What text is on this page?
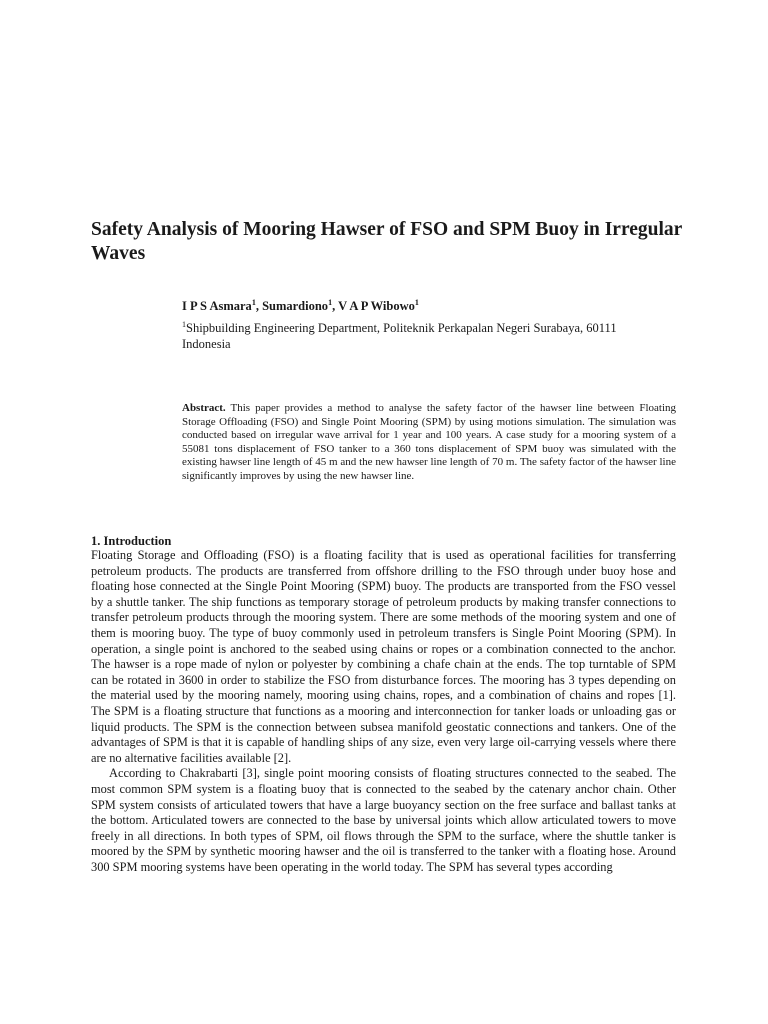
Safety Analysis of Mooring Hawser of FSO and SPM Buoy in Irregular Waves
I P S Asmara$^1$, Sumardiono$^1$, V A P Wibowo$^1$
$^1$Shipbuilding Engineering Department, Politeknik Perkapalan Negeri Surabaya, 60111 Indonesia

Abstract. This paper provides a method to analyse the safety factor of the hawser line between Floating Storage Offloading (FSO) and Single Point Mooring (SPM) by using motions simulation. The simulation was conducted based on irregular wave arrival for 1 year and 100 years. A case study for a mooring system of a 55081 tons displacement of FSO tanker to a 360 tons displacement of SPM buoy was simulated with the existing hawser line length of 45 m and the new hawser line length of 70 m. The safety factor of the hawser line significantly improves by using the new hawser line.

1. Introduction

Floating Storage and Offloading (FSO) is a floating facility that is used as operational facilities for transferring petroleum products. The products are transferred from offshore drilling to the FSO through under buoy hose and floating hose connected at the Single Point Mooring (SPM) buoy. The products are transported from the FSO vessel by a shuttle tanker. The ship functions as temporary storage of petroleum products by making transfer connections to transfer petroleum products through the mooring system. There are some methods of the mooring system and one of them is mooring buoy. The type of buoy commonly used in petroleum transfers is Single Point Mooring (SPM). In operation, a single point is anchored to the seabed using chains or ropes or a combination connected to the anchor. The hawser is a rope made of nylon or polyester by combining a chafe chain at the ends. The top turntable of SPM can be rotated in 3600 in order to stabilize the FSO from disturbance forces. The mooring has 3 types depending on the material used by the mooring namely, mooring using chains, ropes, and a combination of chains and ropes [1]. The SPM is a floating structure that functions as a mooring and interconnection for tanker loads or unloading gas or liquid products. The SPM is the connection between subsea manifold geostatic connections and tankers. One of the advantages of SPM is that it is capable of handling ships of any size, even very large oil-carrying vessels where there are no alternative facilities available [2].

According to Chakrabarti [3], single point mooring consists of floating structures connected to the seabed. The most common SPM system is a floating buoy that is connected to the seabed by the catenary anchor chain. Other SPM system consists of articulated towers that have a large buoyancy section on the free surface and ballast tanks at the bottom. Articulated towers are connected to the base by universal joints which allow articulated towers to move freely in all directions. In both types of SPM, oil flows through the SPM to the surface, where the shuttle tanker is moored by the SPM by synthetic mooring hawser and the oil is transferred to the tanker with a floating hose. Around 300 SPM mooring systems have been operating in the world today. The SPM has several types according
